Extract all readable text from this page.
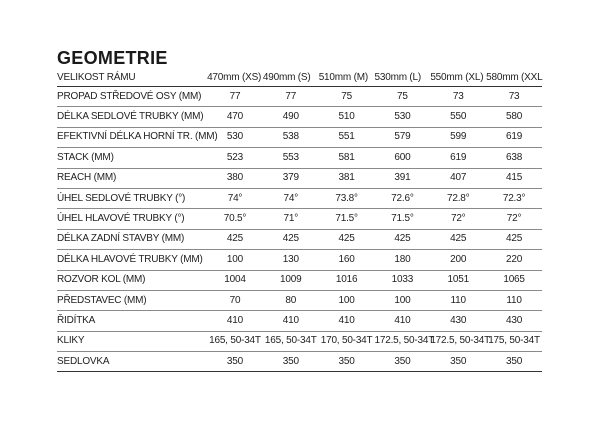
GEOMETRIE
VELIKOST RÁMU	470mm (XS)	490mm (S)	510mm (M)	530mm (L)	550mm (XL)	580mm (XXL
PROPAD STŘEDOVÉ OSY (MM)	77	77	75	75	73	73
DÉLKA SEDLOVÉ TRUBKY (MM)	470	490	510	530	550	580
EFEKTIVNÍ DÉLKA HORNÍ TR. (MM)	530	538	551	579	599	619
STACK (MM)	523	553	581	600	619	638
REACH (MM)	380	379	381	391	407	415
ÚHEL SEDLOVÉ TRUBKY (°)	74°	74°	73.8°	72.6°	72.8°	72.3°
ÚHEL HLAVOVÉ TRUBKY (°)	70.5°	71°	71.5°	71.5°	72°	72°
DÉLKA ZADNÍ STAVBY (MM)	425	425	425	425	425	425
DÉLKA HLAVOVÉ TRUBKY (MM)	100	130	160	180	200	220
ROZVOR KOL (MM)	1004	1009	1016	1033	1051	1065
PŘEDSTAVEC (MM)	70	80	100	100	110	110
ŘIDÍTKA	410	410	410	410	430	430
KLIKY	165, 50-34T	165, 50-34T	170, 50-34T	172.5, 50-34T	172.5, 50-34T	175, 50-34T
SEDLOVKA	350	350	350	350	350	350
